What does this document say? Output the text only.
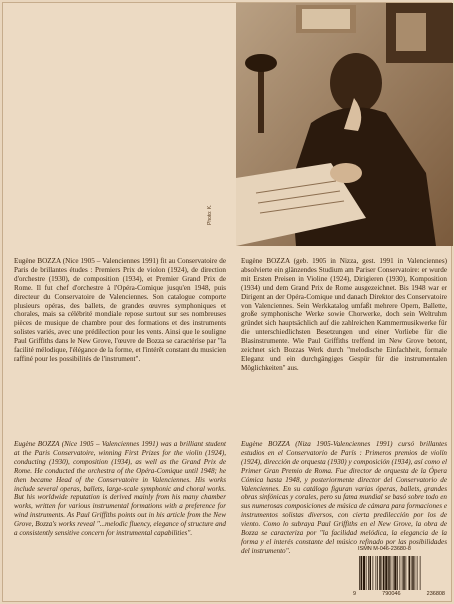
Photo: K.
Eugène BOZZA (Nice 1905 – Valenciennes 1991) fit au Conservatoire de Paris de brillantes études : Premiers Prix de violon (1924), de direction d'orchestre (1930), de composition (1934), et Premier Grand Prix de Rome. Il fut chef d'orchestre à l'Opéra-Comique jusqu'en 1948, puis directeur du Conservatoire de Valenciennes. Son catalogue comporte plusieurs opéras, des ballets, de grandes œuvres symphoniques et chorales, mais sa célébrité mondiale repose surtout sur ses nombreuses pièces de musique de chambre pour des formations et des instruments solistes variés, avec une prédilection pour les vents. Ainsi que le souligne Paul Griffiths dans le New Grove, l'œuvre de Bozza se caractérise par "la facilité mélodique, l'élégance de la forme, et l'intérêt constant du musicien raffiné pour les possibilités de l'instrument".
Eugène BOZZA (geb. 1905 in Nizza, gest. 1991 in Valenciennes) absolvierte ein glänzendes Studium am Pariser Conservatoire: er wurde mit Ersten Preisen in Violine (1924), Dirigieren (1930), Komposition (1934) und dem Grand Prix de Rome ausgezeichnet. Bis 1948 war er Dirigent an der Opéra-Comique und danach Direktor des Conservatoire von Valenciennes. Sein Werkkatalog umfaßt mehrere Opern, Ballette, große symphonische Werke sowie Chorwerke, doch sein Weltruhm gründet sich hauptsächlich auf die zahlreichen Kammermusikwerke für die unterschiedlichsten Besetzungen und einer Vorliebe für die Blasinstrumente. Wie Paul Griffiths treffend im New Grove betont, zeichnet sich Bozzas Werk durch "melodische Einfachheit, formale Eleganz und ein durchgängiges Gespür für die instrumentalen Möglichkeiten" aus.
Eugène BOZZA (Nice 1905 – Valenciennes 1991) was a brilliant student at the Paris Conservatoire, winning First Prizes for the violin (1924), conducting (1930), composition (1934), as well as the Grand Prix de Rome. He conducted the orchestra of the Opéra-Comique until 1948; he then became Head of the Conservatoire in Valenciennes. His works include several operas, ballets, large-scale symphonic and choral works. But his worldwide reputation is derived mainly from his many chamber works, written for various instrumental formations with a preference for wind instruments. As Paul Griffiths points out in his article from the New Grove, Bozza's works reveal "...melodic fluency, elegance of structure and a consistently sensitive concern for instrumental capabilities".
Eugène BOZZA (Niza 1905-Valenciennes 1991) cursó brillantes estudios en el Conservatorio de París : Primeros premios de violín (1924), dirección de orquesta (1930) y composición (1934), así como el Primer Gran Premio de Roma. Fue director de orquesta de la Ópera Cómica hasta 1948, y posteriormente director del Conservatorio de Valenciennes. En su catálogo figuran varias óperas, ballets, grandes obras sinfónicas y corales, pero su fama mundial se basó sobre todo en sus numerosas composiciones de música de cámara para formaciones e instrumentos solistas diversos, con cierta predilección por los de viento. Como lo subraya Paul Griffiths en el New Grove, la obra de Bozza se caracteriza por "la facilidad melódica, la elegancia de la forma y el interés constante del músico refinado por las posibilidades del instrumento".	ISMN M-046-23680-8
9	790046	236808
